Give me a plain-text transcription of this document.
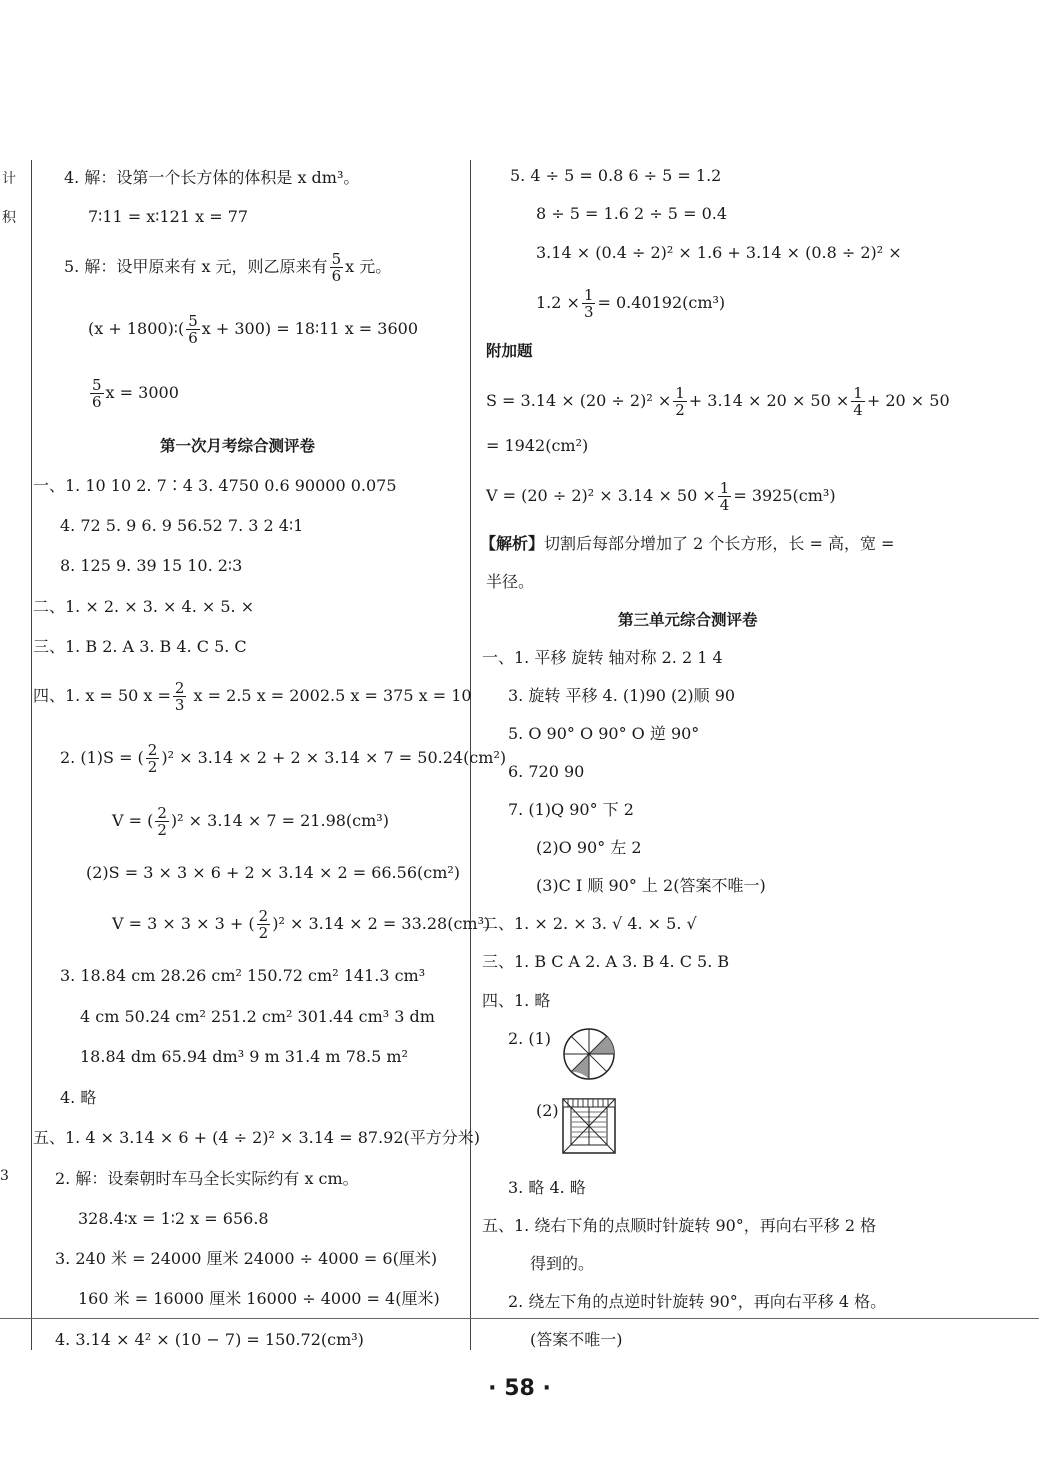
计
积
3
4. 解：设第一个长方体的体积是 x dm³。
7∶11 = x∶121 x = 77
5. 解：设甲原来有 x 元，则乙原来有 $\frac{5}{6}$ x 元。
(x + 1800)∶( $\frac{5}{6}$ x + 300) = 18∶11 x = 3600
$\frac{5}{6}$ x = 3000
第一次月考综合测评卷
一、1. 10 10 2. 7∶4 3. 4750 0.6 90000 0.075
4. 72 5. 9 6. 9 56.52 7. 3 2 4∶1
8. 125 9. 39 15 10. 2∶3
二、1. × 2. × 3. × 4. × 5. ×
三、1. B 2. A 3. B 4. C 5. C
四、1. x = 50 $x = \frac{2}{3}$ x = 2.5 x = 2002.5 x = 375 x = 10
2. (1)S = ( $\frac{2}{2} )^2 \times 3.14 \times 2 + 2 \times 3.14 \times 7 = 50.24(cm^2)$
V = ( $\frac{2}{2} )^2 \times 3.14 \times 7 = 21.98(cm^3)$
(2)S = 3 × 3 × 6 + 2 × 3.14 × 2 = 66.56(cm²)
V = 3 × 3 × 3 + ( $\frac{2}{2} )^2 \times 3.14 \times 2 = 33.28(cm^3)$
3. 18.84 cm 28.26 cm² 150.72 cm² 141.3 cm³
4 cm 50.24 cm² 251.2 cm² 301.44 cm³ 3 dm
18.84 dm 65.94 dm³ 9 m 31.4 m 78.5 m²
4. 略
五、1. 4 × 3.14 × 6 + (4 ÷ 2)² × 3.14 = 87.92(平方分米)
2. 解：设秦朝时车马全长实际约有 x cm。
328.4∶x = 1∶2 x = 656.8
3. 240 米 = 24000 厘米 24000 ÷ 4000 = 6(厘米)
160 米 = 16000 厘米 16000 ÷ 4000 = 4(厘米)
4. 3.14 × 4² × (10 − 7) = 150.72(cm³)
5. 4 ÷ 5 = 0.8 6 ÷ 5 = 1.2
8 ÷ 5 = 1.6 2 ÷ 5 = 0.4
3.14 × (0.4 ÷ 2)² × 1.6 + 3.14 × (0.8 ÷ 2)² ×
$1.2 \times \frac{1}{3} = 0.40192(cm^3)$
附加题
$S = 3.14 \times (20 \div 2)^2 \times \frac{1}{2} + 3.14 \times 20 \times 50 \times \frac{1}{4} + 20 \times 50$
= 1942(cm²)
$V = (20 \div 2)^2 \times 3.14 \times 50 \times \frac{1}{4} = 3925(cm^3)$
【解析】切割后每部分增加了 2 个长方形，长 = 高，宽 =
半径。
第三单元综合测评卷
一、1. 平移 旋转 轴对称 2. 2 1 4
3. 旋转 平移 4. (1)90 (2)顺 90
5. O 90° O 90° O 逆 90°
6. 720 90
7. (1)Q 90° 下 2
(2)O 90° 左 2
(3)C I 顺 90° 上 2(答案不唯一)
二、1. × 2. × 3. √ 4. × 5. √
三、1. B C A 2. A 3. B 4. C 5. B
四、1. 略
2. (1)
(2)
3. 略 4. 略
五、1. 绕右下角的点顺时针旋转 90°，再向右平移 2 格
得到的。
2. 绕左下角的点逆时针旋转 90°，再向右平移 4 格。
(答案不唯一)
· 58 ·
